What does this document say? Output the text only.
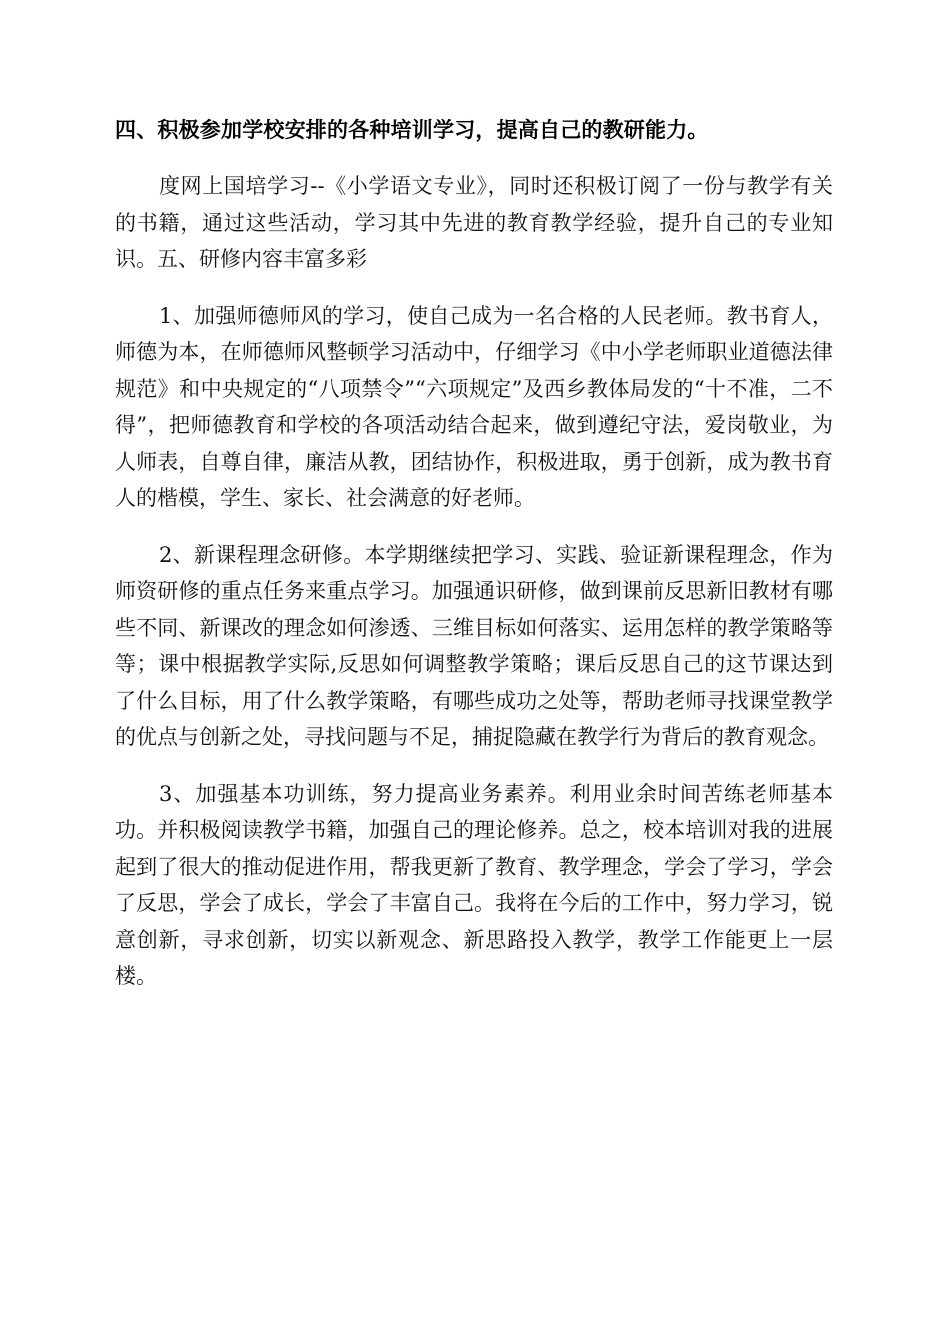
四、积极参加学校安排的各种培训学习，提高自己的教研能力。

度网上国培学习--《小学语文专业》，同时还积极订阅了一份与教学有关的书籍，通过这些活动，学习其中先进的教育教学经验，提升自己的专业知识。五、研修内容丰富多彩

1、加强师德师风的学习，使自己成为一名合格的人民老师。教书育人，师德为本，在师德师风整顿学习活动中，仔细学习《中小学老师职业道德法律规范》和中央规定的“八项禁令”“六项规定”及西乡教体局发的“十不准，二不得”，把师德教育和学校的各项活动结合起来，做到遵纪守法，爱岗敬业，为人师表，自尊自律，廉洁从教，团结协作，积极进取，勇于创新，成为教书育人的楷模，学生、家长、社会满意的好老师。

2、新课程理念研修。本学期继续把学习、实践、验证新课程理念，作为师资研修的重点任务来重点学习。加强通识研修，做到课前反思新旧教材有哪些不同、新课改的理念如何渗透、三维目标如何落实、运用怎样的教学策略等等；课中根据教学实际,反思如何调整教学策略；课后反思自己的这节课达到了什么目标，用了什么教学策略，有哪些成功之处等，帮助老师寻找课堂教学的优点与创新之处，寻找问题与不足，捕捉隐藏在教学行为背后的教育观念。

3、加强基本功训练，努力提高业务素养。利用业余时间苦练老师基本功。并积极阅读教学书籍，加强自己的理论修养。总之，校本培训对我的进展起到了很大的推动促进作用，帮我更新了教育、教学理念，学会了学习，学会了反思，学会了成长，学会了丰富自己。我将在今后的工作中，努力学习，锐意创新，寻求创新，切实以新观念、新思路投入教学，教学工作能更上一层楼。
